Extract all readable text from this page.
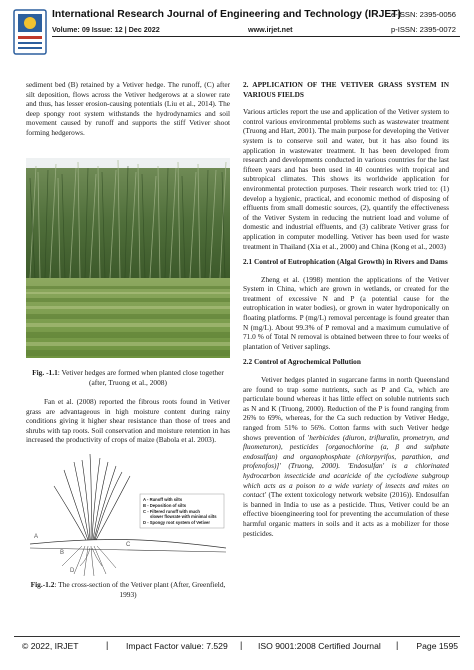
International Research Journal of Engineering and Technology (IRJET)
Volume: 09 Issue: 12 | Dec 2022	www.irjet.net
e-ISSN: 2395-0056
p-ISSN: 2395-0072

sediment bed (B) retained by a Vetiver hedge. The runoff, (C) after silt deposition, flows across the Vetiver hedgerows at a slower rate and thus, has lesser erosion-causing potentials (Liu et al., 2014). The deep spongy root system withstands the hydrodynamics and soil movement caused by runoff and supports the stiff Vetiver shoot forming hedgerows.

Fig. -1.1: Vetiver hedges are formed when planted close together (after, Truong et al., 2008)

Fan et al. (2008) reported the fibrous roots found in Vetiver grass are advantageous in high moisture content during rainy conditions giving it higher shear resistance than those of trees and shrubs with tap roots. Soil conservation and moisture retention in has increased the productivity of crops of maize (Babola et al. 2003).

A
B
C
D
A - Runoff with silts
B - Deposition of silts
C - Filtered runoff with much
slower flowrate with minimal silts
D - Spongy root system of Vetiver
Fig.-1.2: The cross-section of the Vetiver plant (After, Greenfield, 1993)
2. APPLICATION OF THE VETIVER GRASS SYSTEM IN VARIOUS FIELDS

Various articles report the use and application of the Vetiver system to control various environmental problems such as wastewater treatment (Truong and Hart, 2001). The main purpose for developing the Vetiver system is to conserve soil and water, but it has also found its application in wastewater treatment. It has been developed from research and developments conducted in various countries for the last fifteen years and has been used in 40 countries with tropical and subtropical climates. This shows its worldwide application for environmental protection purposes. Their research work tried to: (1) develop a hygienic, practical, and economic method of disposing of effluents from small domestic sources, (2), quantify the effectiveness of the Vetiver System in reducing the nutrient load and volume of domestic and industrial effluents, and (3) calibrate Vetiver grass for application in computer modelling. Vetiver has been used for waste treatment in Thailand (Xia et al., 2000) and China (Kong et al., 2003)

2.1 Control of Eutrophication (Algal Growth) in Rivers and Dams

Zheng et al. (1998) mention the applications of the Vetiver System in China, which are grown in wetlands, or created for the treatment of excessive N and P (a potential cause for the eutrophication in water bodies), or grown in water hydroponically on floating platforms. P (mg/L) removal percentage is found greater than N (mg/L). About 99.3% of P removal and a maximum cumulative of 71.0 % of Total N removal is obtained between three to four weeks of plantation of Vetiver saplings.

2.2 Control of Agrochemical Pollution

Vetiver hedges planted in sugarcane farms in north Queensland are found to trap some nutrients, such as P and Ca, which are particulate bound whereas it has little effect on soluble nutrients such as N and K (Truong, 2000). Reduction of the P is found ranging from 26% to 69%, whereas, for the Ca such reduction by Vetiver Hedge, ranged from 51% to 56%. Cotton farms with such Vetiver hedge shows prevention of 'herbicides (diuron, trifluralin, prometryn, and fluometuron), pesticides [organochlorine (a, β and sulphate endosulfan) and organophosphate (chlorpyrifos, parathion, and profenofos)]' (Truong, 2000). 'Endosulfan' is a chlorinated hydrocarbon insecticide and acaricide of the cyclodiene subgroup which acts as a poison to a wide variety of insects and mites on contact' (The extent toxicology network website (2016)). Endosulfan is banned in India to use as a pesticide. Thus, Vetiver could be an effective bioengineering tool for preventing the accumulation of these harmful organic matters in soils and it acts as a mobilizer for those pesticides.

© 2022, IRJET	| Impact Factor value: 7.529 | ISO 9001:2008 Certified Journal | Page 1595
